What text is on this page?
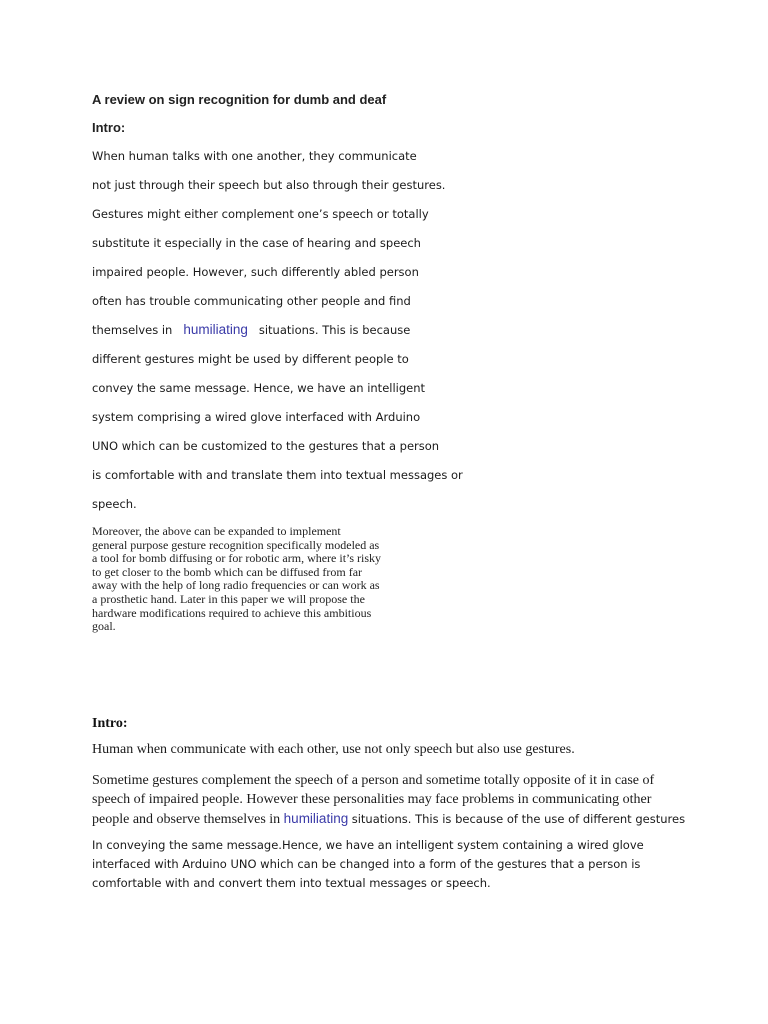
A review on sign recognition for dumb and deaf
Intro:
When human talks with one another, they communicate
not just through their speech but also through their gestures.
Gestures might either complement one’s speech or totally
substitute it especially in the case of hearing and speech
impaired people. However, such differently abled person
often has trouble communicating other people and find
themselves in humiliating situations. This is because
different gestures might be used by different people to
convey the same message. Hence, we have an intelligent
system comprising a wired glove interfaced with Arduino
UNO which can be customized to the gestures that a person
is comfortable with and translate them into textual messages or
speech.
Moreover, the above can be expanded to implement
general purpose gesture recognition specifically modeled as
a tool for bomb diffusing or for robotic arm, where it’s risky
to get closer to the bomb which can be diffused from far
away with the help of long radio frequencies or can work as
a prosthetic hand. Later in this paper we will propose the
hardware modifications required to achieve this ambitious
goal.
Intro:
Human when communicate with each other, use not only speech but also use gestures.
Sometime gestures complement the speech of a person and sometime totally opposite of it in case of
speech of impaired people. However these personalities may face problems in communicating other
people and observe themselves in humiliating situations. This is because of the use of different gestures
In conveying the same message.Hence, we have an intelligent system containing a wired glove
interfaced with Arduino UNO which can be changed into a form of the gestures that a person is
comfortable with and convert them into textual messages or speech.
